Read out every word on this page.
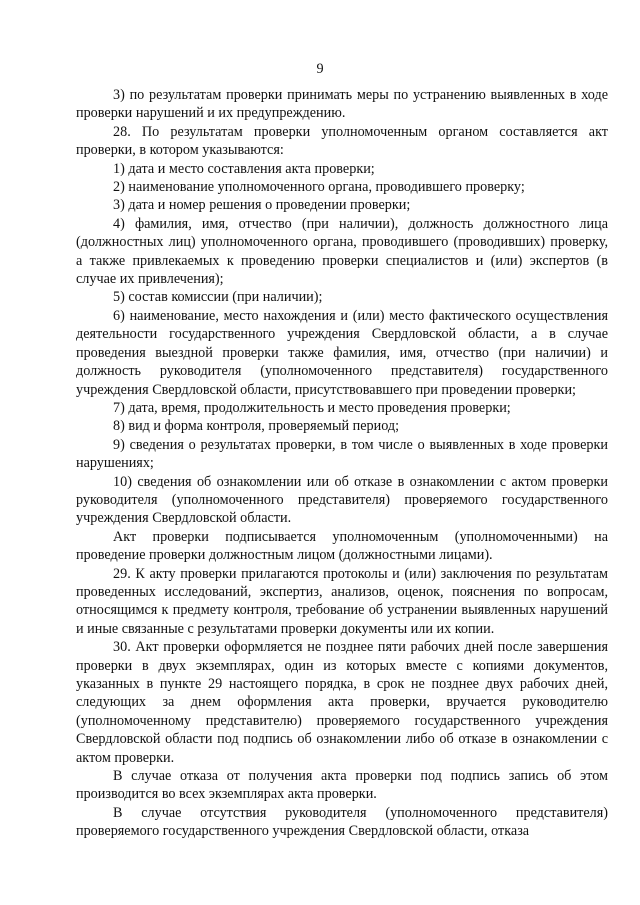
9

3) по результатам проверки принимать меры по устранению выявленных в ходе проверки нарушений и их предупреждению.

28. По результатам проверки уполномоченным органом составляется акт проверки, в котором указываются:

1) дата и место составления акта проверки;

2) наименование уполномоченного органа, проводившего проверку;

3) дата и номер решения о проведении проверки;

4) фамилия, имя, отчество (при наличии), должность должностного лица (должностных лиц) уполномоченного органа, проводившего (проводивших) проверку, а также привлекаемых к проведению проверки специалистов и (или) экспертов (в случае их привлечения);

5) состав комиссии (при наличии);

6) наименование, место нахождения и (или) место фактического осуществления деятельности государственного учреждения Свердловской области, а в случае проведения выездной проверки также фамилия, имя, отчество (при наличии) и должность руководителя (уполномоченного представителя) государственного учреждения Свердловской области, присутствовавшего при проведении проверки;

7) дата, время, продолжительность и место проведения проверки;

8) вид и форма контроля, проверяемый период;

9) сведения о результатах проверки, в том числе о выявленных в ходе проверки нарушениях;

10) сведения об ознакомлении или об отказе в ознакомлении с актом проверки руководителя (уполномоченного представителя) проверяемого государственного учреждения Свердловской области.

Акт проверки подписывается уполномоченным (уполномоченными) на проведение проверки должностным лицом (должностными лицами).

29. К акту проверки прилагаются протоколы и (или) заключения по результатам проведенных исследований, экспертиз, анализов, оценок, пояснения по вопросам, относящимся к предмету контроля, требование об устранении выявленных нарушений и иные связанные с результатами проверки документы или их копии.

30. Акт проверки оформляется не позднее пяти рабочих дней после завершения проверки в двух экземплярах, один из которых вместе с копиями документов, указанных в пункте 29 настоящего порядка, в срок не позднее двух рабочих дней, следующих за днем оформления акта проверки, вручается руководителю (уполномоченному представителю) проверяемого государственного учреждения Свердловской области под подпись об ознакомлении либо об отказе в ознакомлении с актом проверки.

В случае отказа от получения акта проверки под подпись запись об этом производится во всех экземплярах акта проверки.

В случае отсутствия руководителя (уполномоченного представителя) проверяемого государственного учреждения Свердловской области, отказа
